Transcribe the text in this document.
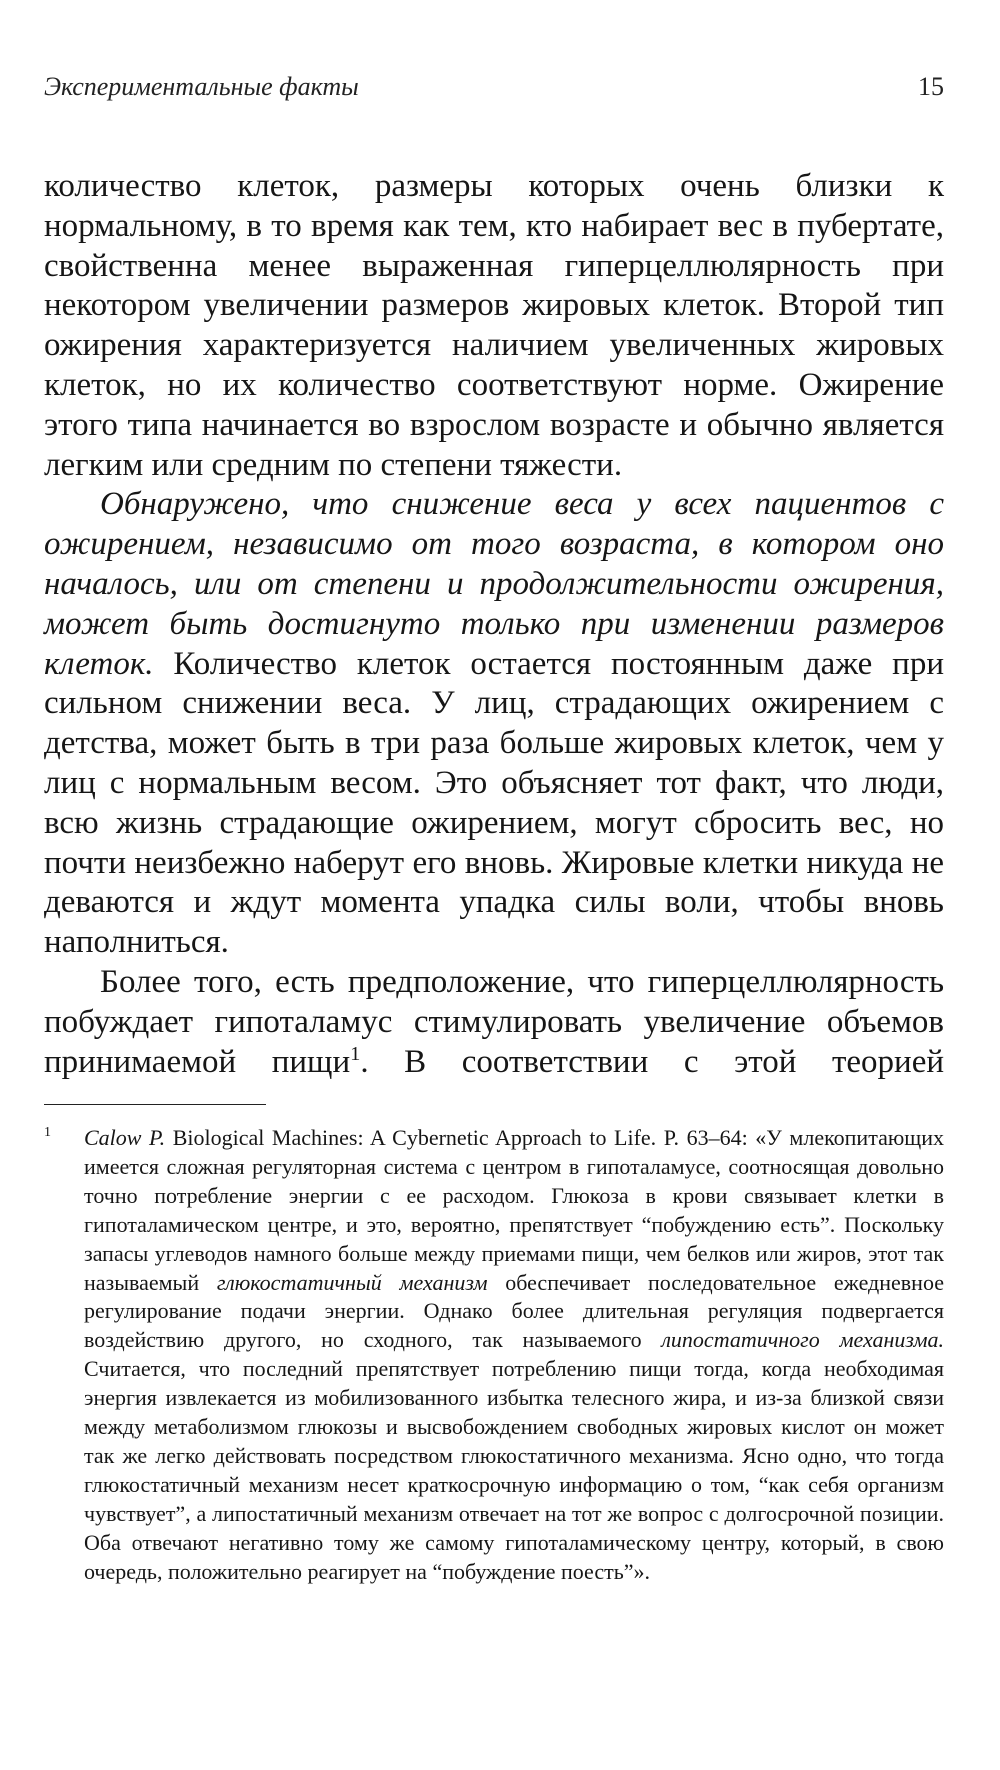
Экспериментальные факты	15

количество клеток, размеры которых очень близки к нормальному, в то время как тем, кто набирает вес в пубертате, свойственна менее выраженная гиперцеллюлярность при некотором увеличении размеров жировых клеток. Второй тип ожирения характеризуется наличием увеличенных жировых клеток, но их количество соответствуют норме. Ожирение этого типа начинается во взрослом возрасте и обычно является легким или средним по степени тяжести.

Обнаружено, что снижение веса у всех пациентов с ожирением, независимо от того возраста, в котором оно началось, или от степени и продолжительности ожирения, может быть достигнуто только при изменении размеров клеток. Количество клеток остается постоянным даже при сильном снижении веса. У лиц, страдающих ожирением с детства, может быть в три раза больше жировых клеток, чем у лиц с нормальным весом. Это объясняет тот факт, что люди, всю жизнь страдающие ожирением, могут сбросить вес, но почти неизбежно наберут его вновь. Жировые клетки никуда не деваются и ждут момента упадка силы воли, чтобы вновь наполниться.

Более того, есть предположение, что гиперцеллюлярность побуждает гипоталамус стимулировать увеличение объемов принимаемой пищи$^1$. В соответствии с этой теорией

1 Calow P. Biological Machines: A Cybernetic Approach to Life. P. 63–64: «У млекопитающих имеется сложная регуляторная система с центром в гипоталамусе, соотносящая довольно точно потребление энергии с ее расходом. Глюкоза в крови связывает клетки в гипоталамическом центре, и это, вероятно, препятствует “побуждению есть”. Поскольку запасы углеводов намного больше между приемами пищи, чем белков или жиров, этот так называемый глюкостатичный механизм обеспечивает последовательное ежедневное регулирование подачи энергии. Однако более длительная регуляция подвергается воздействию другого, но сходного, так называемого липостатичного механизма. Считается, что последний препятствует потреблению пищи тогда, когда необходимая энергия извлекается из мобилизованного избытка телесного жира, и из-за близкой связи между метаболизмом глюкозы и высвобождением свободных жировых кислот он может так же легко действовать посредством глюкостатичного механизма. Ясно одно, что тогда глюкостатичный механизм несет краткосрочную информацию о том, “как себя организм чувствует”, а липостатичный механизм отвечает на тот же вопрос с долгосрочной позиции. Оба отвечают негативно тому же самому гипоталамическому центру, который, в свою очередь, положительно реагирует на “побуждение поесть”».
